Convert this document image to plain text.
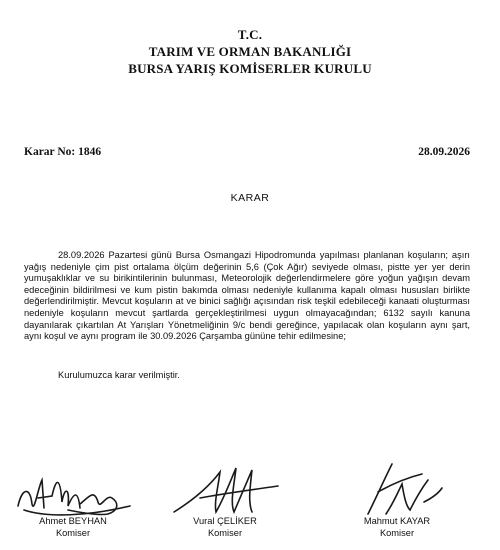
T.C.
TARIM VE ORMAN BAKANLIĞI
BURSA YARIŞ KOMİSERLER KURULU
Karar No: 1846	28.09.2026
KARAR

28.09.2026 Pazartesi günü Bursa Osmangazi Hipodromunda yapılması planlanan koşuların; aşırı yağış nedeniyle çim pist ortalama ölçüm değerinin 5,6 (Çok Ağır) seviyede olması, pistte yer yer derin yumuşaklıklar ve su birikintilerinin bulunması, Meteorolojik değerlendirmelere göre yoğun yağışın devam edeceğinin bildirilmesi ve kum pistin bakımda olması nedeniyle kullanıma kapalı olması hususları birlikte değerlendirilmiştir. Mevcut koşuların at ve binici sağlığı açısından risk teşkil edebileceği kanaati oluşturması nedeniyle koşuların mevcut şartlarda gerçekleştirilmesi uygun olmayacağından; 6132 sayılı kanuna dayanılarak çıkartılan At Yarışları Yönetmeliğinin 9/c bendi gereğince, yapılacak olan koşuların aynı şart, aynı koşul ve aynı program ile 30.09.2026 Çarşamba gününe tehir edilmesine;

Kurulumuzca karar verilmiştir.
Ahmet BEYHAN
Komiser
Vural ÇELİKER
Komiser
Mahmut KAYAR
Komiser
